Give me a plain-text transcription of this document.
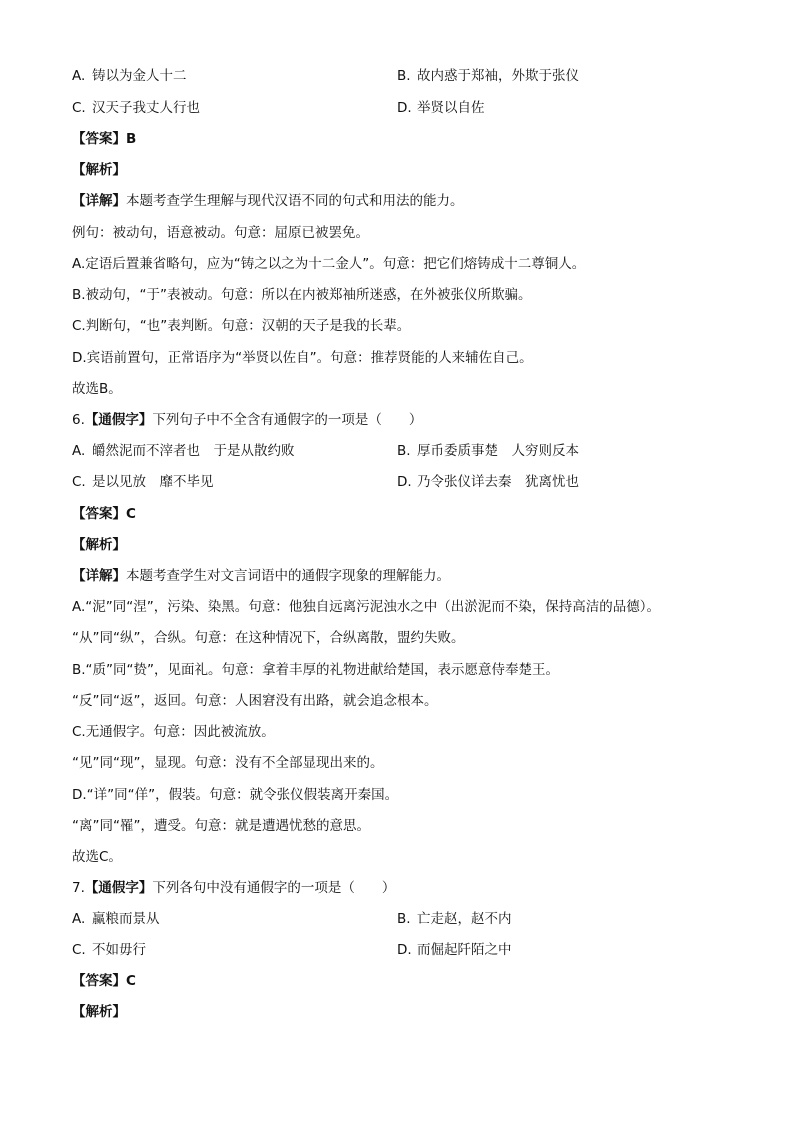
A. 铸以为金人十二	B. 故内惑于郑袖，外欺于张仪
C. 汉天子我丈人行也	D. 举贤以自佐
【答案】B
【解析】
【详解】本题考查学生理解与现代汉语不同的句式和用法的能力。
例句：被动句，语意被动。句意：屈原已被罢免。
A.定语后置兼省略句，应为“铸之以之为十二金人”。句意：把它们熔铸成十二尊铜人。
B.被动句，“于”表被动。句意：所以在内被郑袖所迷惑，在外被张仪所欺骗。
C.判断句，“也”表判断。句意：汉朝的天子是我的长辈。
D.宾语前置句，正常语序为“举贤以佐自”。句意：推荐贤能的人来辅佐自己。
故选B。
6.【通假字】下列句子中不全含有通假字的一项是（　　）
A. 皭然泥而不滓者也　于是从散约败	B. 厚币委质事楚　人穷则反本
C. 是以见放　靡不毕见	D. 乃令张仪详去秦　犹离忧也
【答案】C
【解析】
【详解】本题考查学生对文言词语中的通假字现象的理解能力。
A.“泥”同“涅”，污染、染黑。句意：他独自远离污泥浊水之中（出淤泥而不染，保持高洁的品德）。
“从”同“纵”，合纵。句意：在这种情况下，合纵离散，盟约失败。
B.“质”同“贽”，见面礼。句意：拿着丰厚的礼物进献给楚国，表示愿意侍奉楚王。
“反”同“返”，返回。句意：人困窘没有出路，就会追念根本。
C.无通假字。句意：因此被流放。
“见”同“现”，显现。句意：没有不全部显现出来的。
D.“详”同“佯”，假装。句意：就令张仪假装离开秦国。
“离”同“罹”，遭受。句意：就是遭遇忧愁的意思。
故选C。
7.【通假字】下列各句中没有通假字的一项是（　　）
A. 赢粮而景从	B. 亡走赵，赵不内
C. 不如毋行	D. 而倔起阡陌之中
【答案】C
【解析】
